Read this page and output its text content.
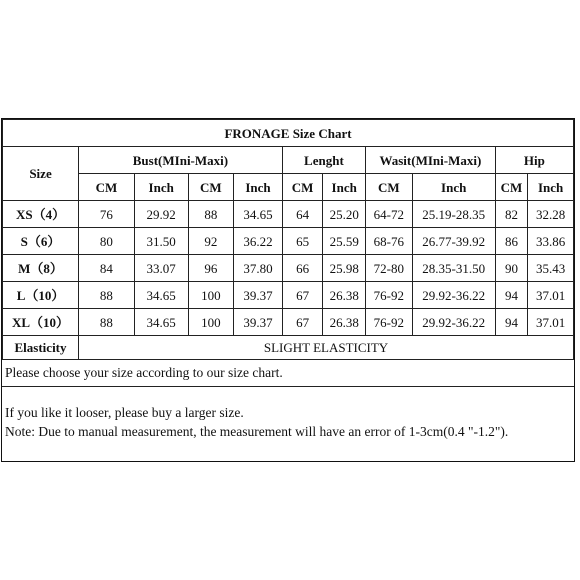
FRONAGE Size Chart										
Size	Bust(MIni-Maxi)				Lenght		Wasit(MIni-Maxi)		Hip	
	CM	Inch	CM	Inch	CM	Inch	CM	Inch	CM	Inch
XS（4）	76	29.92	88	34.65	64	25.20	64-72	25.19-28.35	82	32.28
S（6）	80	31.50	92	36.22	65	25.59	68-76	26.77-39.92	86	33.86
M（8）	84	33.07	96	37.80	66	25.98	72-80	28.35-31.50	90	35.43
L（10）	88	34.65	100	39.37	67	26.38	76-92	29.92-36.22	94	37.01
XL（10）	88	34.65	100	39.37	67	26.38	76-92	29.92-36.22	94	37.01
Elasticity	SLIGHT ELASTICITY									
Please choose your size according to our size chart.
If you like it looser, please buy a larger size.
Note: Due to manual measurement, the measurement will have an error of 1-3cm(0.4 "-1.2").
